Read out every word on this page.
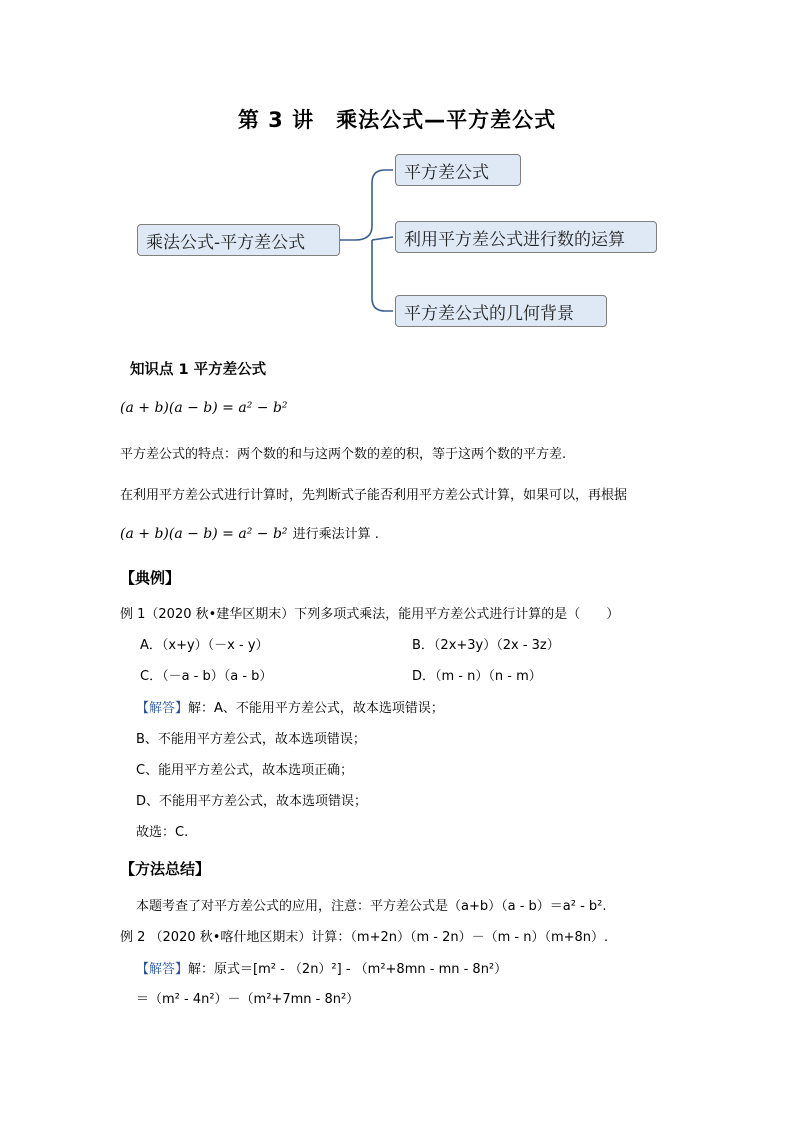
第 3 讲　乘法公式—平方差公式
乘法公式-平方差公式
平方差公式
利用平方差公式进行数的运算
平方差公式的几何背景
知识点 1 平方差公式
(a + b)(a − b) = a² − b²
平方差公式的特点：两个数的和与这两个数的差的积，等于这两个数的平方差.
在利用平方差公式进行计算时，先判断式子能否利用平方差公式计算，如果可以，再根据
(a + b)(a − b) = a² − b² 进行乘法计算 .
【典例】
例 1（2020 秋•建华区期末）下列多项式乘法，能用平方差公式进行计算的是（　　）
A．（x+y）（－x - y）	B．（2x+3y）（2x - 3z）
C．（－a - b）（a - b）	D．（m - n）（n - m）
【解答】解：A、不能用平方差公式，故本选项错误；
B、不能用平方差公式，故本选项错误；
C、能用平方差公式，故本选项正确；
D、不能用平方差公式，故本选项错误；
故选：C.
【方法总结】
本题考查了对平方差公式的应用，注意：平方差公式是（a+b）（a - b）＝a² - b².
例 2 （2020 秋•喀什地区期末）计算：（m+2n）（m - 2n）－（m - n）（m+8n）.
【解答】解：原式＝[m² - （2n）²] - （m²+8mn - mn - 8n²）
＝（m² - 4n²）－（m²+7mn - 8n²）
